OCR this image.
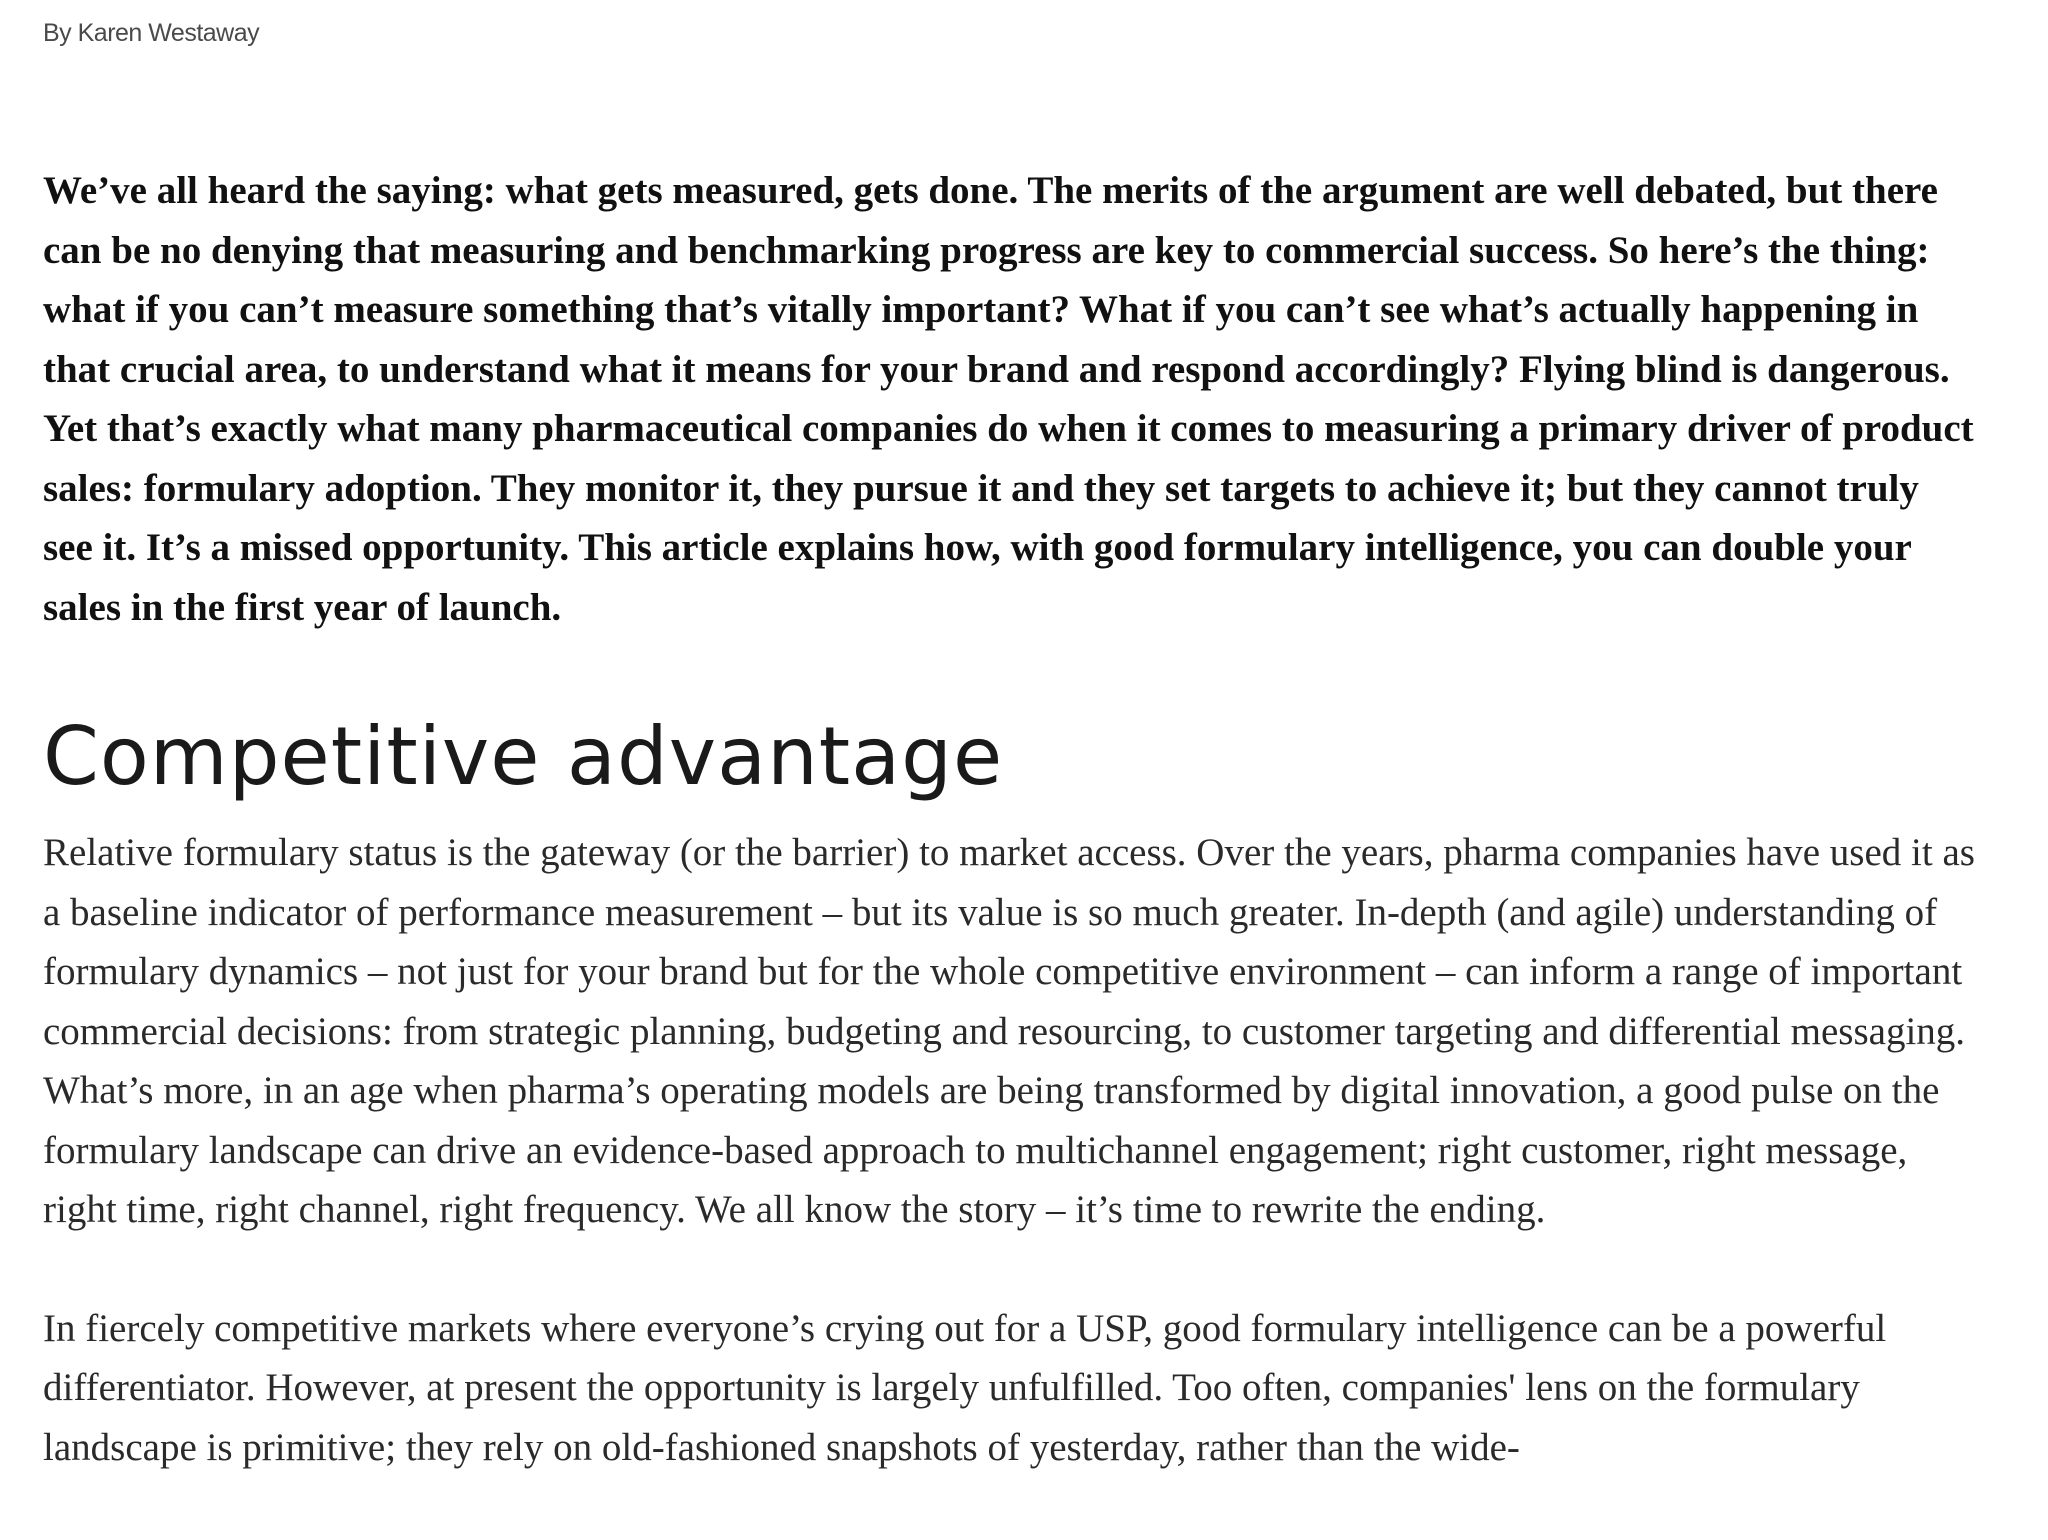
By Karen Westaway

We’ve all heard the saying: what gets measured, gets done. The merits of the argument are well debated, but there can be no denying that measuring and benchmarking progress are key to commercial success. So here’s the thing: what if you can’t measure something that’s vitally important? What if you can’t see what’s actually happening in that crucial area, to understand what it means for your brand and respond accordingly? Flying blind is dangerous. Yet that’s exactly what many pharmaceutical companies do when it comes to measuring a primary driver of product sales: formulary adoption. They monitor it, they pursue it and they set targets to achieve it; but they cannot truly see it. It’s a missed opportunity. This article explains how, with good formulary intelligence, you can double your sales in the first year of launch.

Competitive advantage

Relative formulary status is the gateway (or the barrier) to market access. Over the years, pharma companies have used it as a baseline indicator of performance measurement – but its value is so much greater. In-depth (and agile) understanding of formulary dynamics – not just for your brand but for the whole competitive environment – can inform a range of important commercial decisions: from strategic planning, budgeting and resourcing, to customer targeting and differential messaging. What’s more, in an age when pharma’s operating models are being transformed by digital innovation, a good pulse on the formulary landscape can drive an evidence-based approach to multichannel engagement; right customer, right message, right time, right channel, right frequency. We all know the story – it’s time to rewrite the ending.

In fiercely competitive markets where everyone’s crying out for a USP, good formulary intelligence can be a powerful differentiator. However, at present the opportunity is largely unfulfilled. Too often, companies' lens on the formulary landscape is primitive; they rely on old-fashioned snapshots of yesterday, rather than the wide-
